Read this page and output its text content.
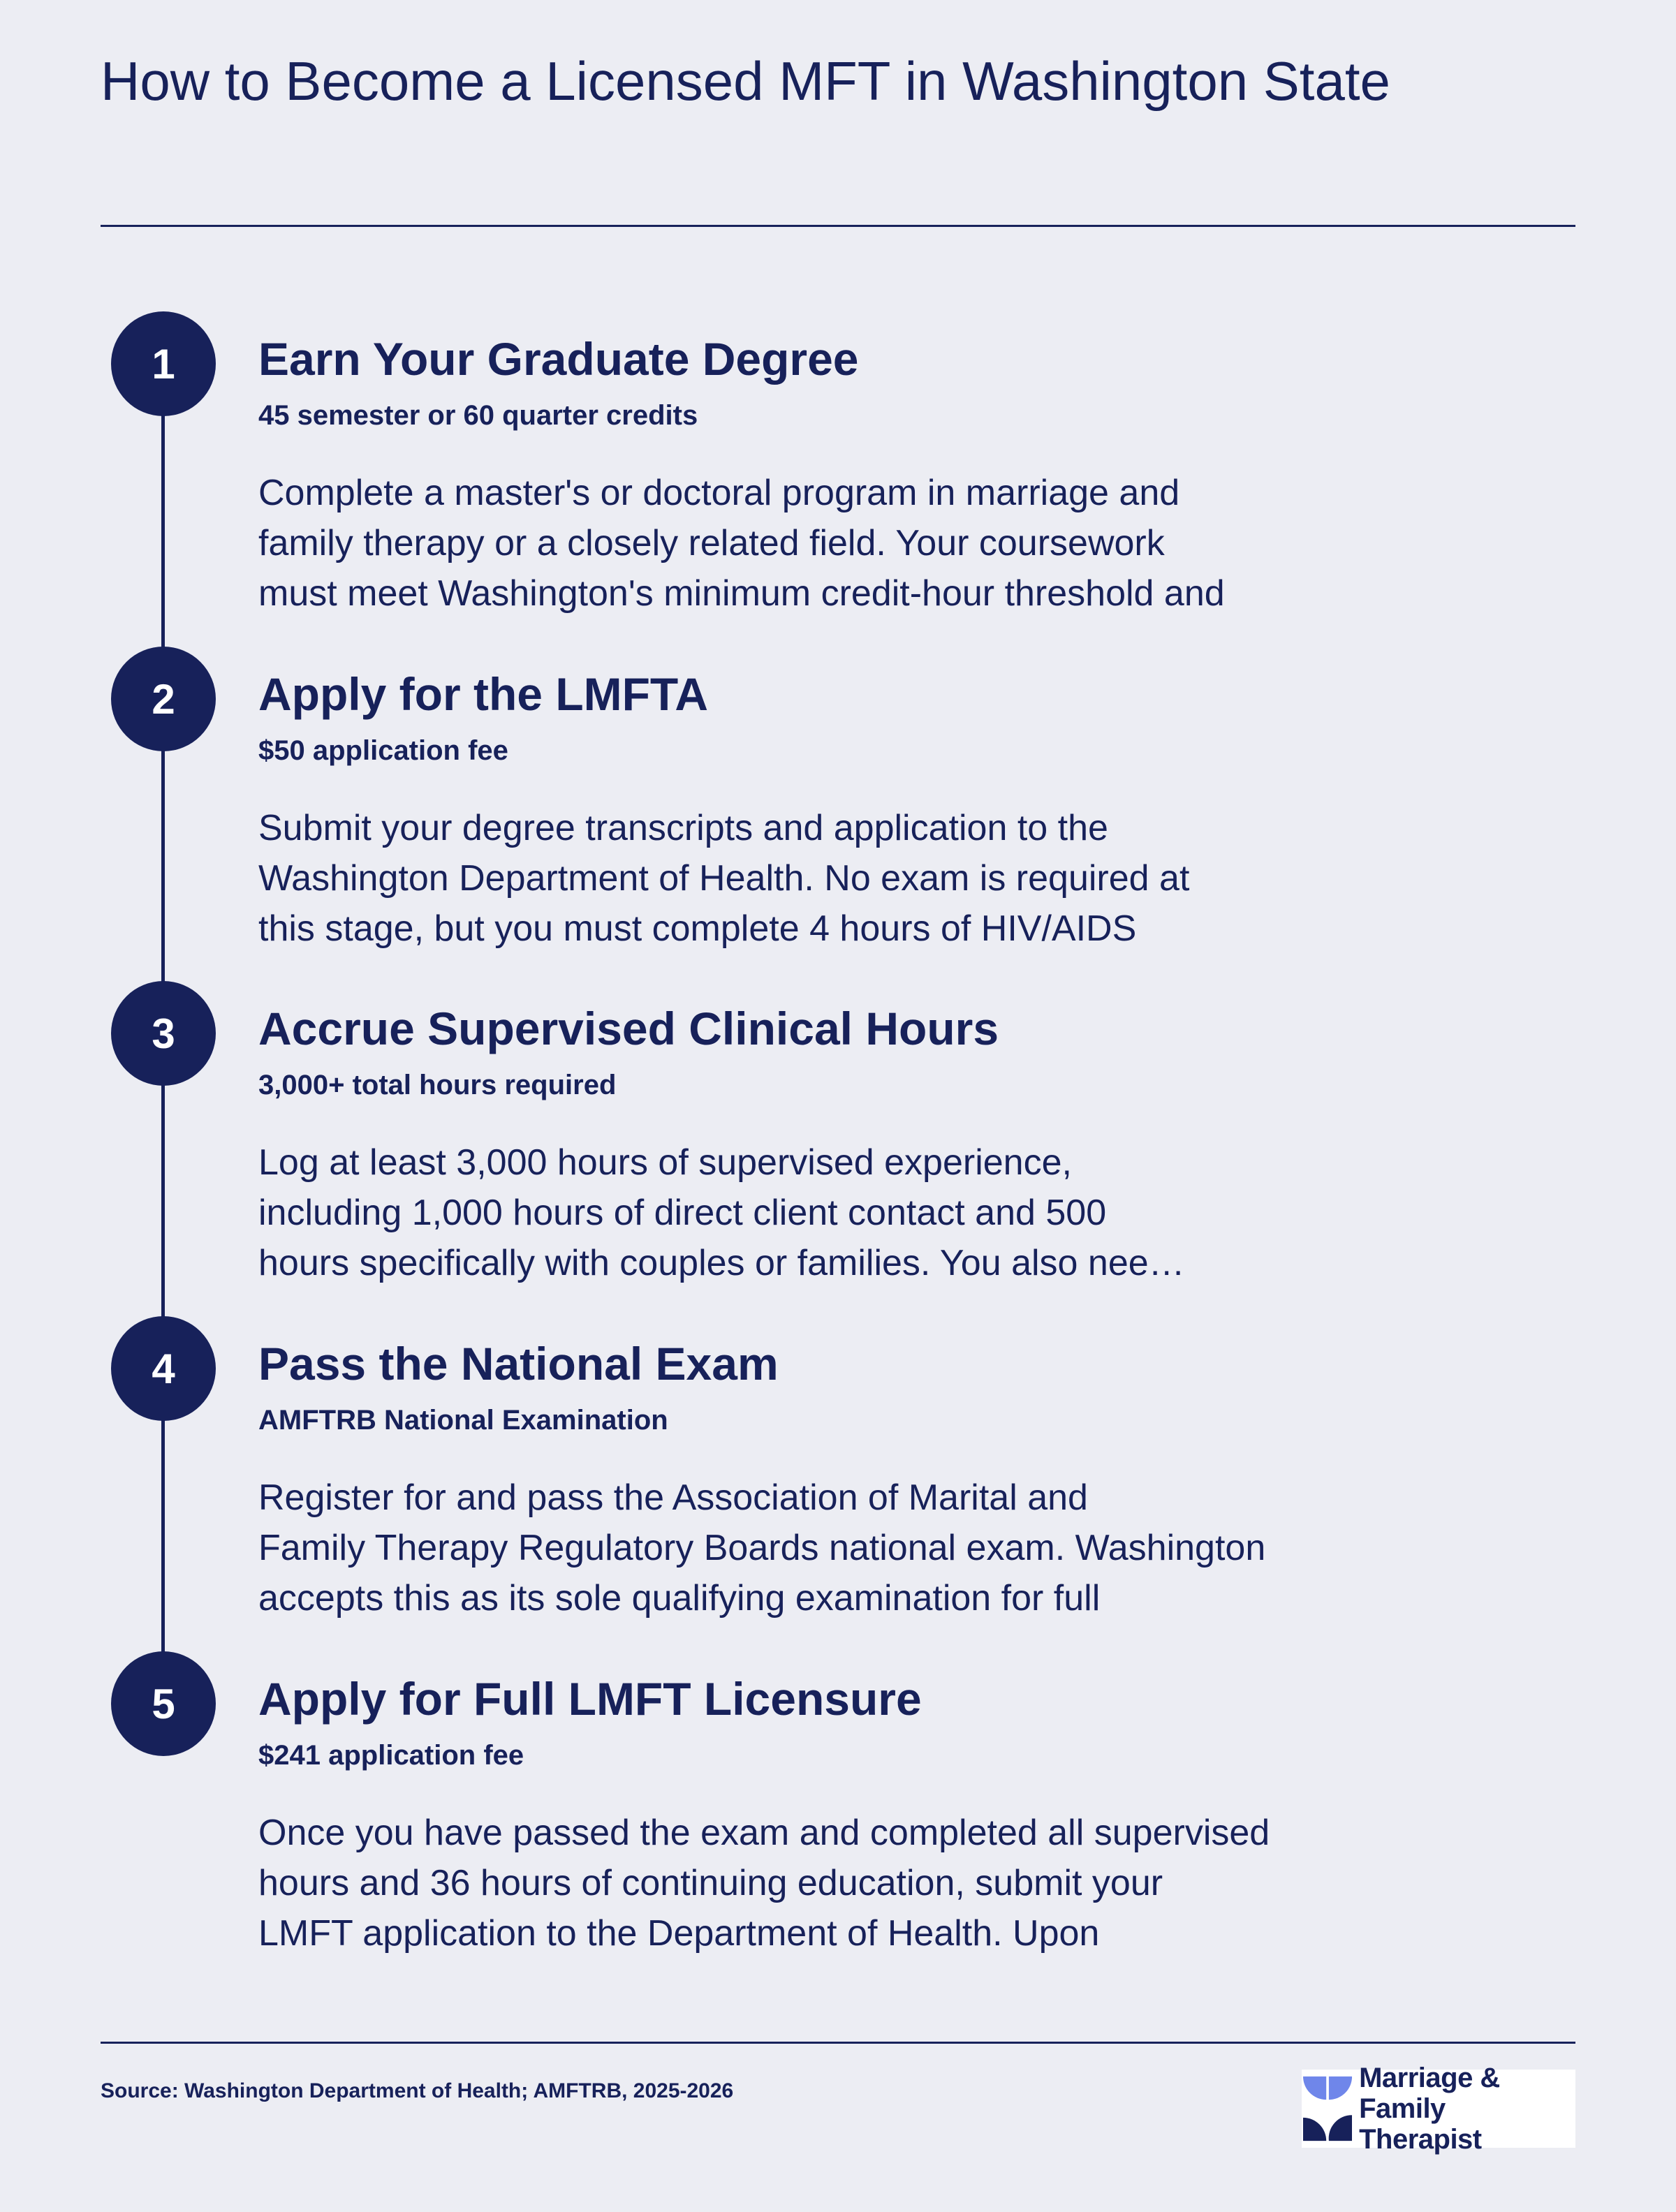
How to Become a Licensed MFT in Washington State
1	Earn Your Graduate Degree
45 semester or 60 quarter credits
Complete a master's or doctoral program in marriage and
family therapy or a closely related field. Your coursework
must meet Washington's minimum credit-hour threshold and
2	Apply for the LMFTA
$50 application fee
Submit your degree transcripts and application to the
Washington Department of Health. No exam is required at
this stage, but you must complete 4 hours of HIV/AIDS
3	Accrue Supervised Clinical Hours
3,000+ total hours required
Log at least 3,000 hours of supervised experience,
including 1,000 hours of direct client contact and 500
hours specifically with couples or families. You also nee…
4	Pass the National Exam
AMFTRB National Examination
Register for and pass the Association of Marital and
Family Therapy Regulatory Boards national exam. Washington
accepts this as its sole qualifying examination for full
5	Apply for Full LMFT Licensure
$241 application fee
Once you have passed the exam and completed all supervised
hours and 36 hours of continuing education, submit your
LMFT application to the Department of Health. Upon
Source: Washington Department of Health; AMFTRB, 2025-2026	Marriage & Family
Therapist
